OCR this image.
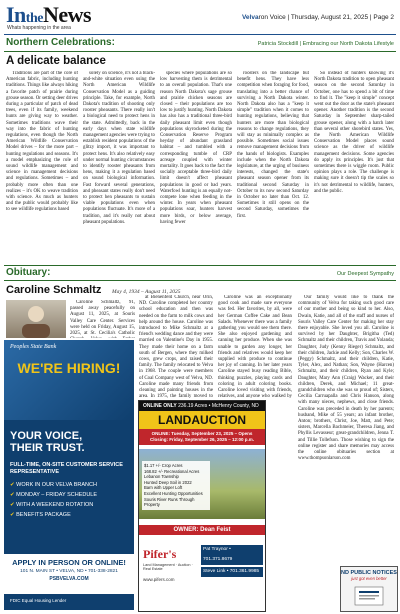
IntheNews
Whats happening in the area
Velvaron Voice | Thursday, August 21, 2025 | Page 2
Northern Celebrations:	Patricia Stockdill | Embracing our North Dakota Lifestyle
A delicate balance

Traditions are part of the core of American fabric, including hunting traditions. Things like always hiking a favorite patch of prairie during grouse season. Or setting deer drives during a particular of patch of dead trees, even if its family, weekend hunts are giving way to weather. Sometimes traditions wave their way into the fabric of hunting regulations, even though the North American Wildlife Conservation Model drives – for the more part – hunting regulations and seasons. It's a model emphasizing the role of sound wildlife management and science in management decisions and regulations. Sometimes – and probably more often than one realizes – it's OK to weave tradition with science. As much as hunters and the public would probably like to see wildlife regulations based

solely on science, it's not a black-and-white situation even using the North American Wildlife Conservation Model as a guiding principle. Take, for example, North Dakota's tradition of shooting only rooster pheasants. There really isn't a biological need to protect hens in the state. Admittedly, back in the early days when state wildlife management agencies were trying to establish resident populations of the glitzy import, it was important to protect hens. It's also relatively easy under normal hunting circumstances to identify rooster pheasants from hens, making it a regulation based on sound biological information. Fast forward several generations, and pheasant states really don't need to protect hen pheasants to sustain viable populations even when populations fluctuate. It's more of a tradition, and it's really not about pheasant populations.

species where populations are so low harvesting them is detrimental to an overall population. That's one reason North Dakota's sage grouse and prairie chicken seasons are closed – their populations are too low to justify hunting. North Dakota has also has a traditional three-bird daily pheasant limit even though populations skyrocketed during the Conservation Reserve Program heyday of abundant grassland habitat – and tumbled with a corresponding tumble of CRP acreage coupled with winter mortality. It goes back to the fact the socially acceptable three-bird daily limit doesn't affect pheasant populations in good or bad years. Waterfowl hunting is an equally not-compete lone when feeding in the winter. In years when pheasant populations soar, hunters harvest more birds, or below average, having fewer

roosters on the landscape but benefit hens. They have less competition when foraging for food, translating into a better chance of surviving a North Dakota winter. North Dakota also has a "keep it simple" tradition when it comes to hunting regulations, believing that hunters are more than biological reasons to change regulations, they will stay as minimally complex as possible. Sometimes social issues remove management decisions from the hands of biologists. Examples include when the North Dakota legislature, at the urging of business interests, changed the state's pheasant season opener from its traditional second Saturday in October to its now second Saturday in October no later than Oct. 12. Sometimes it still opens on the second Saturday, sometimes the first.

So instead of hunters knowing it's North Dakota tradition to open pheasant season on the second Saturday in October, one has to spend a bit of time to find it. The "keep it simple" concept went out the door as the state's pheasant opener. Another tradition is the second Saturday in September sharp-tailed grouse opener, along with a hatch later than several other shorebird states. Yes, the North American Wildlife Conservation Model places sound science as the driver of wildlife management decisions. Some agencies do apply its principles. It's just that sometimes there is wiggle room. Public opinion plays a role. The challenge is making sure it doesn't tip the scales so it's not detrimental to wildlife, hunters, and the public.

Obituary:	Our Deepest Sympathy
Caroline Schmaltz May 4, 1934 – August 11, 2025

Caroline Schmaltz, 91, passed away peacefully on August 11, 2025, at Souris Valley Care Center. Services were held on Friday, August 15, 2025, at St. Cecilia's Catholic

at Bienenfeld Church, near Orin, ND. Caroline completed her country school education and then was needed on the farm to milk cows and help around the house. Caroline was introduced to Mike Schmaltz at a friend's wedding dance and they were married on Valentine's Day in 1955. They made their home on a farm south of Bergen, where they milked cows, grew crops, and raised their family. The family relocated to Velva in 1968. The couple were members of Coal Company west of Velva, ND. Caroline made many friends from cleaning and painting houses in the area. In 1975, the family moved to

Caroline was an exceptionally good cook and made sure everyone was fed. Her favorites, by all, were her German Coffee Cake and Bean Salads. Whenever there was a family gathering you would see them there. She also enjoyed gardening and canning her produce. When she was unable to garden any longer, her friends and relatives would keep her supplied with produce to continue her joy of canning. In her later years Caroline stayed busy reading Bible, thinking puzzles, playing cards and coloring in adult coloring books. Caroline loved visiting with friends, relatives, and anyone who walked by

Our family would like to thank the community of Velva for taking such good care of our mother and being so kind to her. Also, Dwain, Katie, and all of the staff and nurses of Souris Valley Care Center for making her stay there enjoyable. She loved you all. Caroline is survived by her Daughter, Brigitha (Ted) Schmaltz and their children, Travis and Yolanda; Daughter, Judy (Kenny Rieger) Schmaltz, and their children, Jackie and Kelly; Son, Charles W. (Peggy) Schmaltz, and their children, Katie, Tyler, Alex, and Nathan; Son, Wayne (Harcen) Schmaltz, and their children, Ryan and Kyle; Daughter, Mary Ann (Craig) Wacker, and their children, Derek, and Michael; 11 great-grandchildren who she was so proud of; Sisters, Cecilia Carruapalla and Chris Hanson, along with many nieces, nephews, and close friends. Caroline was preceded in death by her parents; husband, Mike of 55 years; an infant brother, Anton; brothers, Christ, Joe, Matt, and Pete; sisters, Marcella Bachmeier, Theresa Jiang, and Phyllis Levasseur; great-grandchildren, Jenna T. and Tillie Tollefson. Those wishing to sign the online register and share memories may access the online obituaries section at www.thompsonlarson.com

Peoples State Bank
WE'RE HIRING!
YOUR VOICE,
THEIR TRUST.
FULL-TIME, ON-SITE CUSTOMER SERVICE REPRESENTATIVE
✔ WORK IN OUR VELVA BRANCH
✔ MONDAY – FRIDAY SCHEDULE
✔ WITH A WEEKEND ROTATION
✔ BENEFITS PACKAGE
APPLY IN PERSON OR ONLINE!
101 N. MAIN ST • VELVA, ND • 701-338-2821
PSBVELVA.COM
FDIC Equal Housing Lender
ONLINE ONLY 236.19 Acres • McHenry County, ND
LANDAUCTION
ONLINE: Tuesday, September 23, 2025 – Opens
Closing: Friday, September 26, 2025 – 12:00 p.m.
$1.17 +/- Crop Acres
168.82 +/- Recreational Acres
Lebanon Township
Hunted Deep Soil in 2022
Barn with Upper Loft
Excellent Hunting Opportunities
Souris River Runs Through Property
OWNER: Dean Feist
Pifer's
Land Management · Auction · Real Estate
Pat Traynor • 701.371.8679
Steve Link • 701.361.9985
www.pifers.com
ND PUBLIC NOTICES
just got even better
